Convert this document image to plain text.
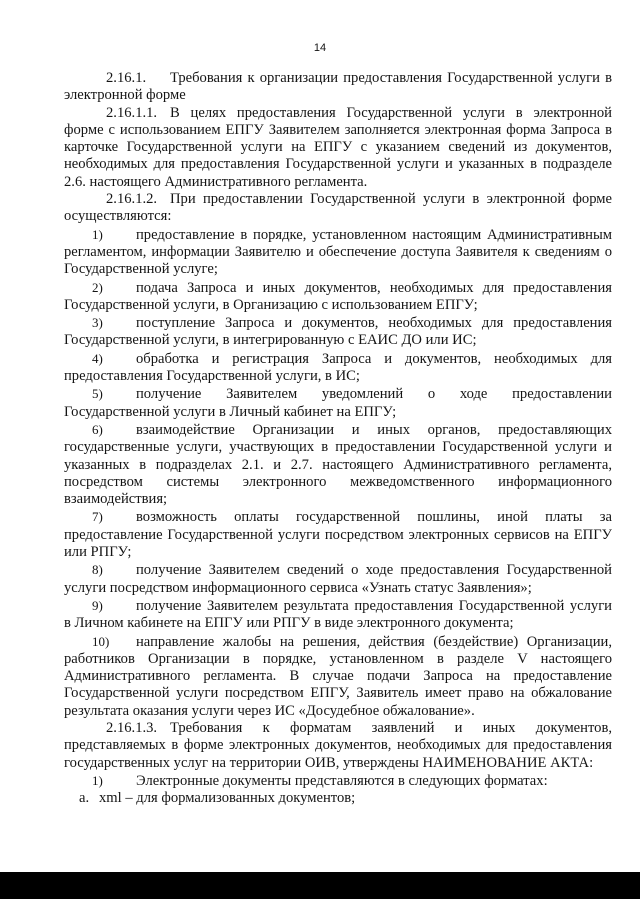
14

2.16.1. Требования к организации предоставления Государственной услуги в электронной форме

2.16.1.1. В целях предоставления Государственной услуги в электронной форме с использованием ЕПГУ Заявителем заполняется электронная форма Запроса в карточке Государственной услуги на ЕПГУ с указанием сведений из документов, необходимых для предоставления Государственной услуги и указанных в подразделе 2.6. настоящего Административного регламента.

2.16.1.2. При предоставлении Государственной услуги в электронной форме осуществляются:

1) предоставление в порядке, установленном настоящим Административным регламентом, информации Заявителю и обеспечение доступа Заявителя к сведениям о Государственной услуге;

2) подача Запроса и иных документов, необходимых для предоставления Государственной услуги, в Организацию с использованием ЕПГУ;

3) поступление Запроса и документов, необходимых для предоставления Государственной услуги, в интегрированную с ЕАИС ДО или ИС;

4) обработка и регистрация Запроса и документов, необходимых для предоставления Государственной услуги, в ИС;

5) получение Заявителем уведомлений о ходе предоставлении Государственной услуги в Личный кабинет на ЕПГУ;

6) взаимодействие Организации и иных органов, предоставляющих государственные услуги, участвующих в предоставлении Государственной услуги и указанных в подразделах 2.1. и 2.7. настоящего Административного регламента, посредством системы электронного межведомственного информационного взаимодействия;

7) возможность оплаты государственной пошлины, иной платы за предоставление Государственной услуги посредством электронных сервисов на ЕПГУ или РПГУ;

8) получение Заявителем сведений о ходе предоставления Государственной услуги посредством информационного сервиса «Узнать статус Заявления»;

9) получение Заявителем результата предоставления Государственной услуги в Личном кабинете на ЕПГУ или РПГУ в виде электронного документа;

10) направление жалобы на решения, действия (бездействие) Организации, работников Организации в порядке, установленном в разделе V настоящего Административного регламента. В случае подачи Запроса на предоставление Государственной услуги посредством ЕПГУ, Заявитель имеет право на обжалование результата оказания услуги через ИС «Досудебное обжалование».

2.16.1.3. Требования к форматам заявлений и иных документов, представляемых в форме электронных документов, необходимых для предоставления государственных услуг на территории ОИВ, утверждены НАИМЕНОВАНИЕ АКТА:

1) Электронные документы представляются в следующих форматах:

a. xml – для формализованных документов;
